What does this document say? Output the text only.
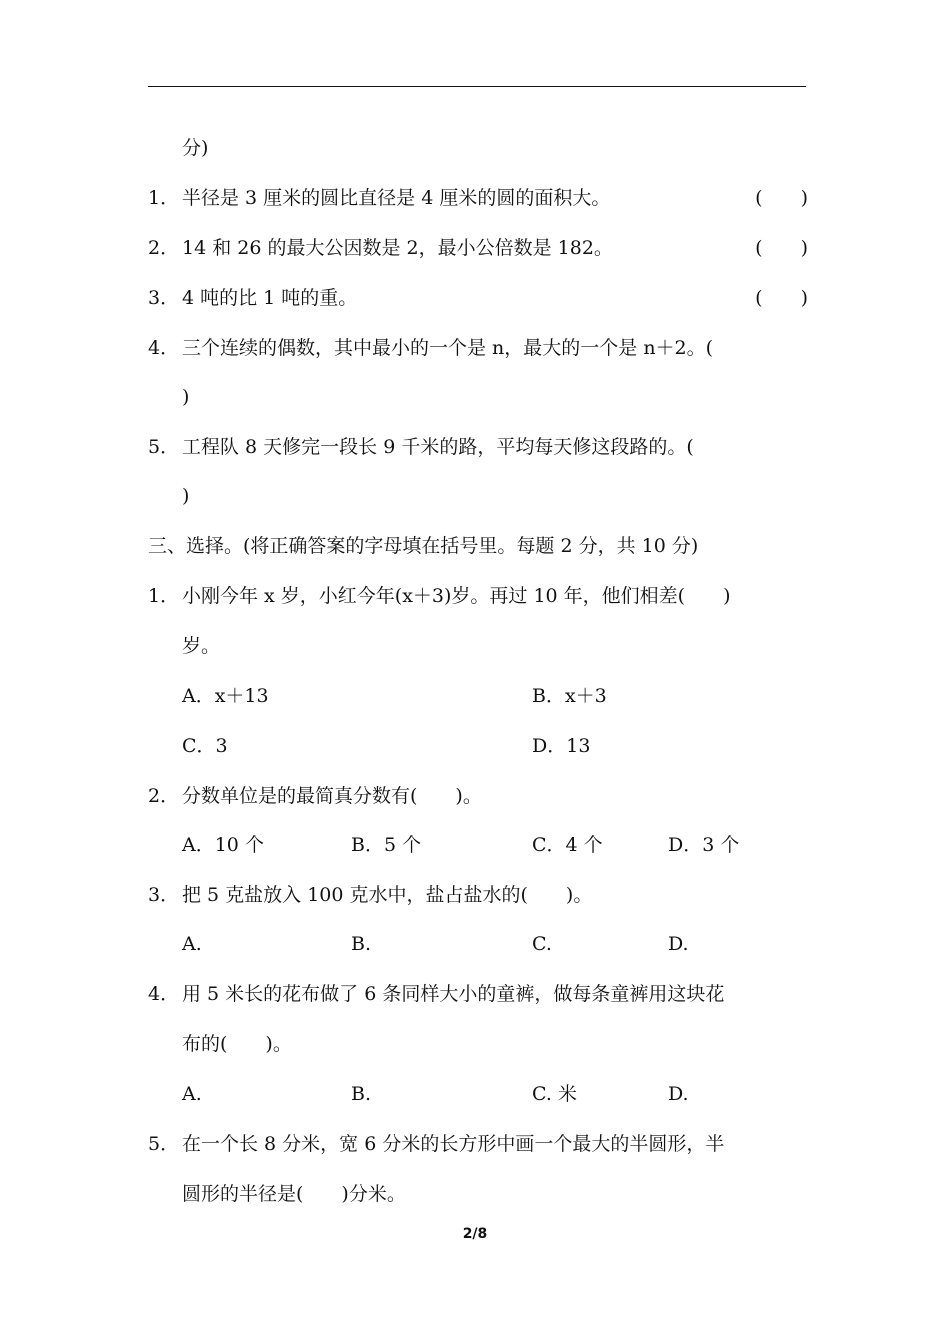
分)
1． 半径是 3 厘米的圆比直径是 4 厘米的圆的面积大。	(　　)
2． 14 和 26 的最大公因数是 2，最小公倍数是 182。	(　　)
3． 4 吨的比 1 吨的重。	(　　)
4． 三个连续的偶数，其中最小的一个是 n，最大的一个是 n＋2。(
)
5． 工程队 8 天修完一段长 9 千米的路，平均每天修这段路的。(
)
三、选择。(将正确答案的字母填在括号里。每题 2 分，共 10 分)
1． 小刚今年 x 岁，小红今年(x＋3)岁。再过 10 年，他们相差(　　)
岁。
A．x＋13	B．x＋3
C．3	D．13
2． 分数单位是的最简真分数有(　　)。
A．10 个	B．5 个	C．4 个	D．3 个
3． 把 5 克盐放入 100 克水中，盐占盐水的(　　)。
A.	B.	C.	D.
4． 用 5 米长的花布做了 6 条同样大小的童裤，做每条童裤用这块花
布的(　　)。
A.	B.	C. 米	D.
5． 在一个长 8 分米，宽 6 分米的长方形中画一个最大的半圆形，半
圆形的半径是(　　)分米。
2/8
